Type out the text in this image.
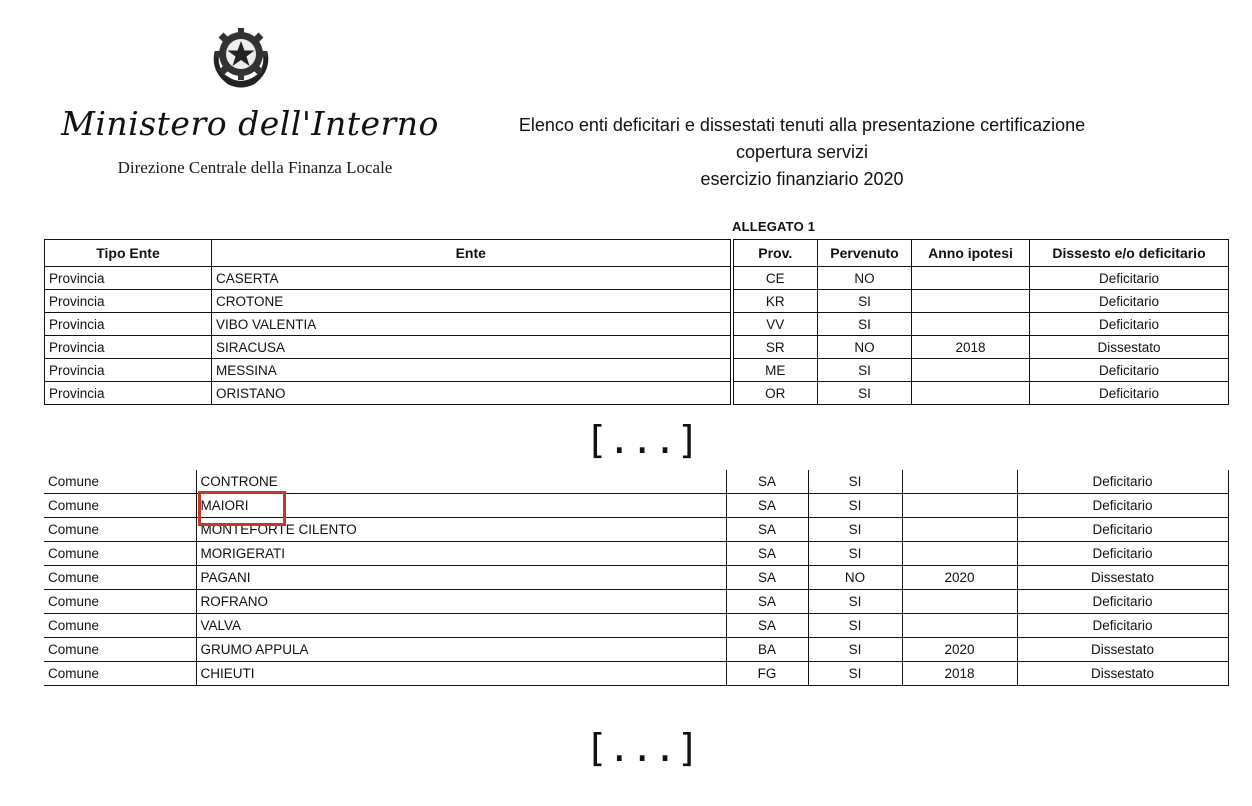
Ministero dell'Interno
Direzione Centrale della Finanza Locale
Elenco enti deficitari e dissestati tenuti alla presentazione certificazione
copertura servizi
esercizio finanziario 2020
ALLEGATO 1
Tipo Ente	Ente	Prov.	Pervenuto	Anno ipotesi	Dissesto e/o deficitario
Provincia	CASERTA	CE	NO		Deficitario
Provincia	CROTONE	KR	SI		Deficitario
Provincia	VIBO VALENTIA	VV	SI		Deficitario
Provincia	SIRACUSA	SR	NO	2018	Dissestato
Provincia	MESSINA	ME	SI		Deficitario
Provincia	ORISTANO	OR	SI		Deficitario
[...]
Comune	CONTRONE	SA	SI		Deficitario
Comune	MAIORI	SA	SI		Deficitario
Comune	MONTEFORTE CILENTO	SA	SI		Deficitario
Comune	MORIGERATI	SA	SI		Deficitario
Comune	PAGANI	SA	NO	2020	Dissestato
Comune	ROFRANO	SA	SI		Deficitario
Comune	VALVA	SA	SI		Deficitario
Comune	GRUMO APPULA	BA	SI	2020	Dissestato
Comune	CHIEUTI	FG	SI	2018	Dissestato
[...]
